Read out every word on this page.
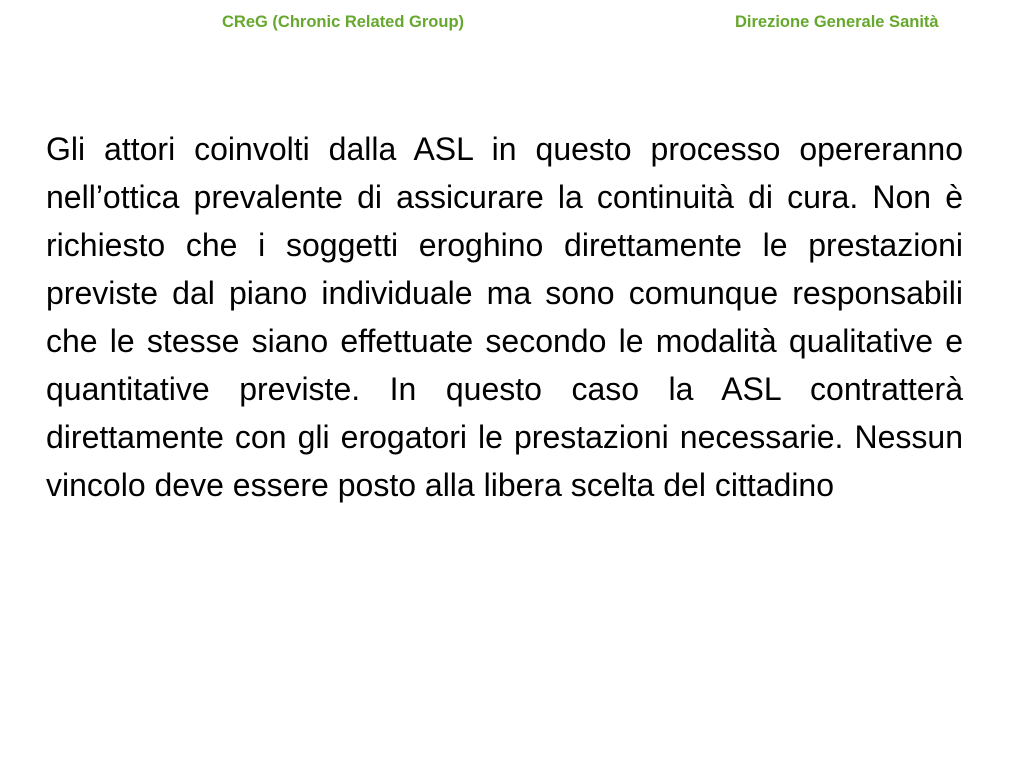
CReG (Chronic Related Group)	Direzione Generale Sanità

Gli attori coinvolti dalla ASL in questo processo opereranno nell’ottica prevalente di assicurare la continuità di cura. Non è richiesto che i soggetti eroghino direttamente le prestazioni previste dal piano individuale ma sono comunque responsabili che le stesse siano effettuate secondo le modalità qualitative e quantitative previste. In questo caso la ASL contratterà direttamente con gli erogatori le prestazioni necessarie. Nessun vincolo deve essere posto alla libera scelta del cittadino
